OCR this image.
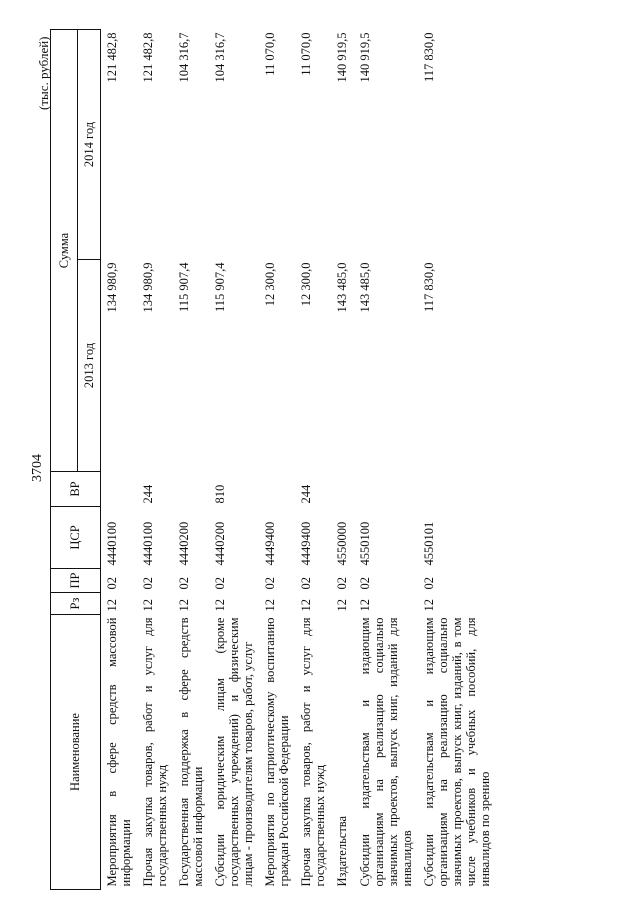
3704
(тыс. рублей)
Наименование	Рз	ПР	ЦСР	ВР	Сумма	
					2013 год	2014 год
Мероприятия в сфере средств массовой информации	12	02	4440100		134 980,9	121 482,8
Прочая закупка товаров, работ и услуг для государственных нужд	12	02	4440100	244	134 980,9	121 482,8
Государственная поддержка в сфере средств массовой информации	12	02	4440200		115 907,4	104 316,7
Субсидии юридическим лицам (кроме государственных учреждений) и физическим лицам - производителям товаров, работ, услуг	12	02	4440200	810	115 907,4	104 316,7
Мероприятия по патриотическому воспитанию граждан Российской Федерации	12	02	4449400		12 300,0	11 070,0
Прочая закупка товаров, работ и услуг для государственных нужд	12	02	4449400	244	12 300,0	11 070,0
Издательства	12	02	4550000		143 485,0	140 919,5
Субсидии издательствам и издающим организациям на реализацию социально значимых проектов, выпуск книг, изданий для инвалидов	12	02	4550100		143 485,0	140 919,5
Субсидии издательствам и издающим организациям на реализацию социально значимых проектов, выпуск книг, изданий, в том числе учебников и учебных пособий, для инвалидов по зрению	12	02	4550101		117 830,0	117 830,0
